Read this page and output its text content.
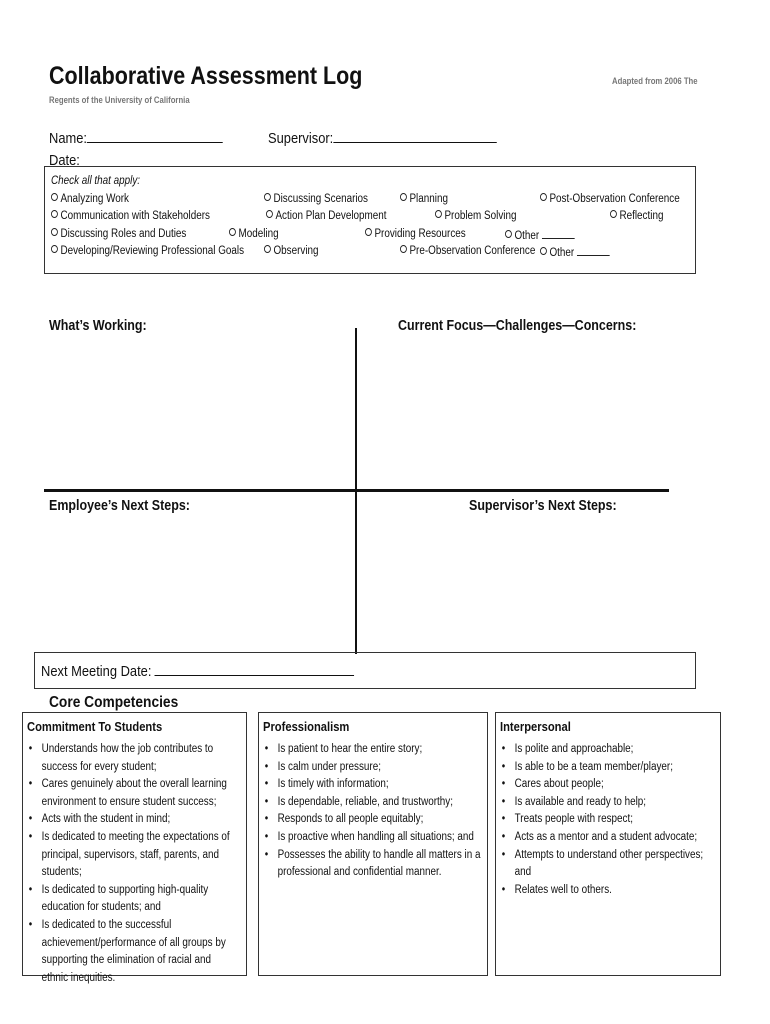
Collaborative Assessment Log
Regents of the University of California
Adapted from 2006 The
Name:	Supervisor:
Date:
Check all that apply:
Analyzing Work	Discussing Scenarios	Planning	Post-Observation Conference
Communication with Stakeholders	Action Plan Development	Problem Solving	Reflecting
Discussing Roles and Duties	Modeling	Providing Resources	Other
Developing/Reviewing Professional Goals	Observing	Pre-Observation Conference	Other
What’s Working:	Current Focus—Challenges—Concerns:
Employee’s Next Steps:	Supervisor’s Next Steps:
Next Meeting Date:
Core Competencies
Commitment To Students
• Understands how the job contributes to success for every student;
• Cares genuinely about the overall learning environment to ensure student success;
• Acts with the student in mind;
• Is dedicated to meeting the expectations of principal, supervisors, staff, parents, and students;
• Is dedicated to supporting high-quality education for students; and
• Is dedicated to the successful achievement/performance of all groups by supporting the elimination of racial and ethnic inequities.
Professionalism
• Is patient to hear the entire story;
• Is calm under pressure;
• Is timely with information;
• Is dependable, reliable, and trustworthy;
• Responds to all people equitably;
• Is proactive when handling all situations; and
• Possesses the ability to handle all matters in a professional and confidential manner.
Interpersonal
• Is polite and approachable;
• Is able to be a team member/player;
• Cares about people;
• Is available and ready to help;
• Treats people with respect;
• Acts as a mentor and a student advocate;
• Attempts to understand other perspectives; and
• Relates well to others.
